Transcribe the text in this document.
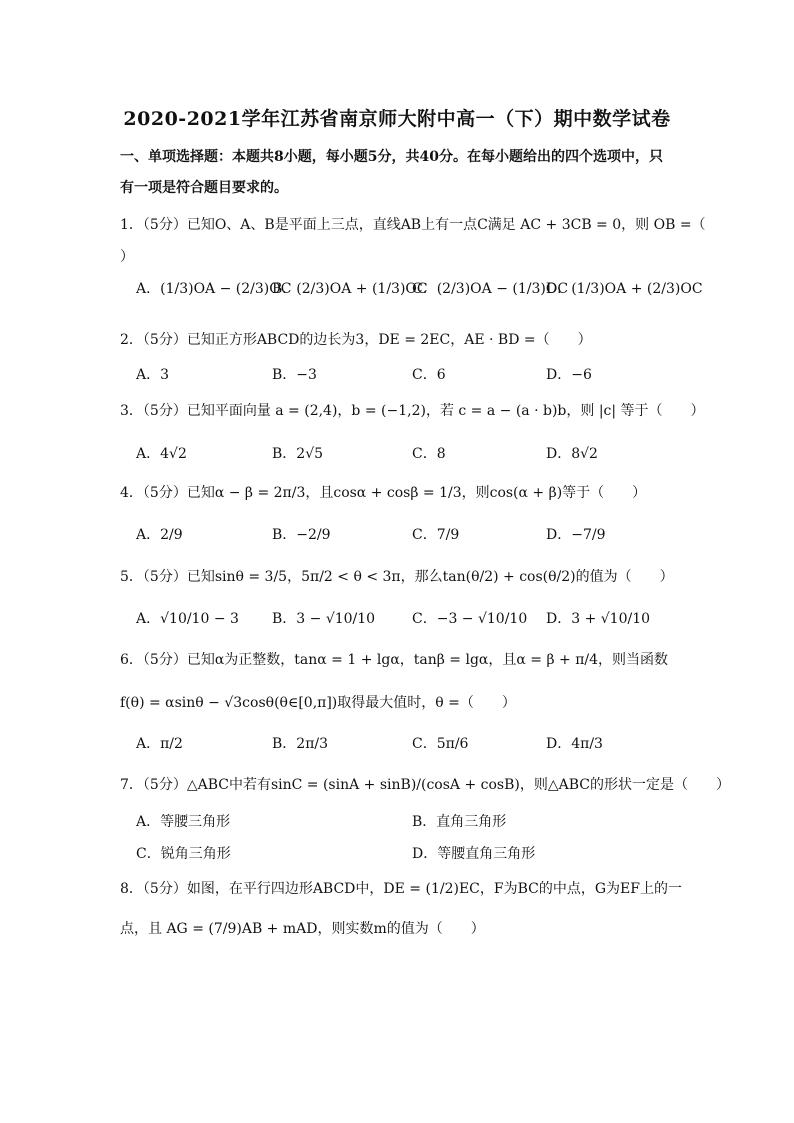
2020-2021学年江苏省南京师大附中高一（下）期中数学试卷
一、单项选择题：本题共8小题，每小题5分，共40分。在每小题给出的四个选项中，只
有一项是符合题目要求的。
1．（5分）已知O、A、B是平面上三点，直线AB上有一点C满足 AC + 3CB = 0，则 OB =（
）
A．(1/3)OA − (2/3)OC
B．(2/3)OA + (1/3)OC
C．(2/3)OA − (1/3)OC
D．(1/3)OA + (2/3)OC
2．（5分）已知正方形ABCD的边长为3，DE = 2EC，AE · BD =（　　）
A．3	B．−3	C．6	D．−6
3．（5分）已知平面向量 a = (2,4)，b = (−1,2)，若 c = a − (a · b)b，则 |c| 等于（　　）
A．4√2	B．2√5	C．8	D．8√2
4．（5分）已知α − β = 2π/3，且cosα + cosβ = 1/3，则cos(α + β)等于（　　）
A．2/9	B．−2/9	C．7/9	D．−7/9
5．（5分）已知sinθ = 3/5，5π/2 < θ < 3π，那么tan(θ/2) + cos(θ/2)的值为（　　）
A．√10/10 − 3 B．3 − √10/10	C．−3 − √10/10 D．3 + √10/10
6．（5分）已知α为正整数，tanα = 1 + lgα，tanβ = lgα，且α = β + π/4，则当函数
f(θ) = αsinθ − √3cosθ(θ∈[0,π])取得最大值时，θ =（　　）
A．π/2	B．2π/3	C．5π/6	D．4π/3
7．（5分）△ABC中若有sinC = (sinA + sinB)/(cosA + cosB)，则△ABC的形状一定是（　　）
A．等腰三角形	B．直角三角形
C．锐角三角形	D．等腰直角三角形
8．（5分）如图，在平行四边形ABCD中，DE = (1/2)EC，F为BC的中点，G为EF上的一
点，且 AG = (7/9)AB + mAD，则实数m的值为（　　）
